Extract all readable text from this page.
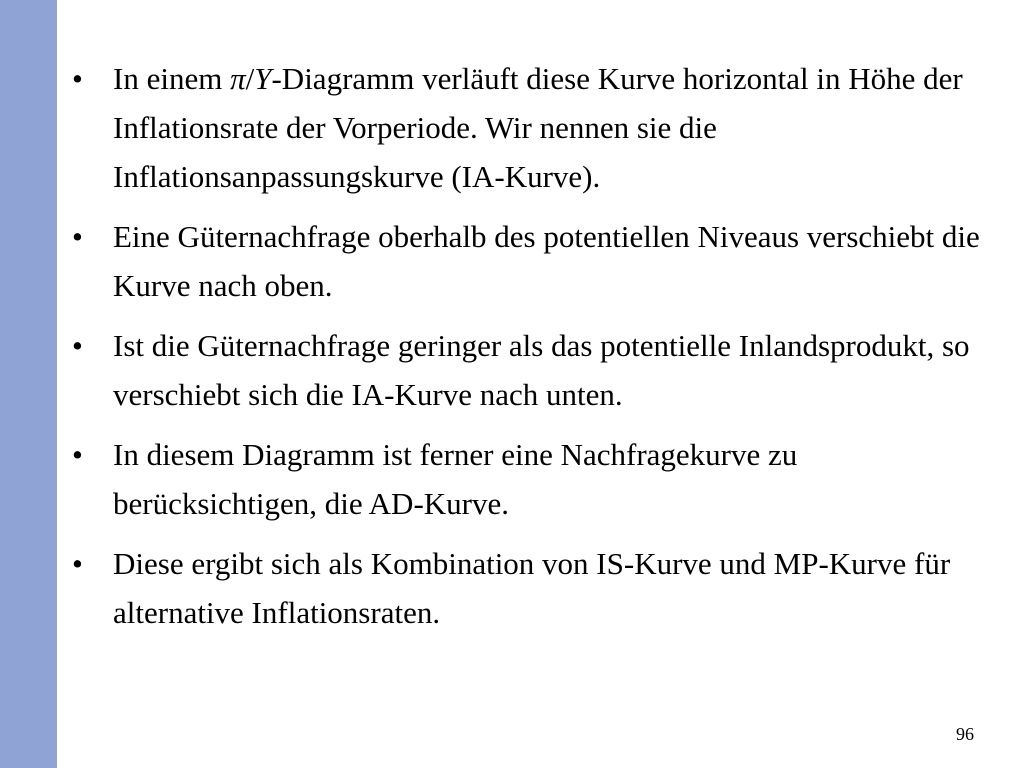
• In einem π/Y-Diagramm verläuft diese Kurve horizontal in Höhe der Inflationsrate der Vorperiode. Wir nennen sie die Inflationsanpassungskurve (IA-Kurve).
• Eine Güternachfrage oberhalb des potentiellen Niveaus verschiebt die Kurve nach oben.
• Ist die Güternachfrage geringer als das potentielle Inlandsprodukt, so verschiebt sich die IA-Kurve nach unten.
• In diesem Diagramm ist ferner eine Nachfragekurve zu berücksichtigen, die AD-Kurve.
• Diese ergibt sich als Kombination von IS-Kurve und MP-Kurve für alternative Inflationsraten.
96
